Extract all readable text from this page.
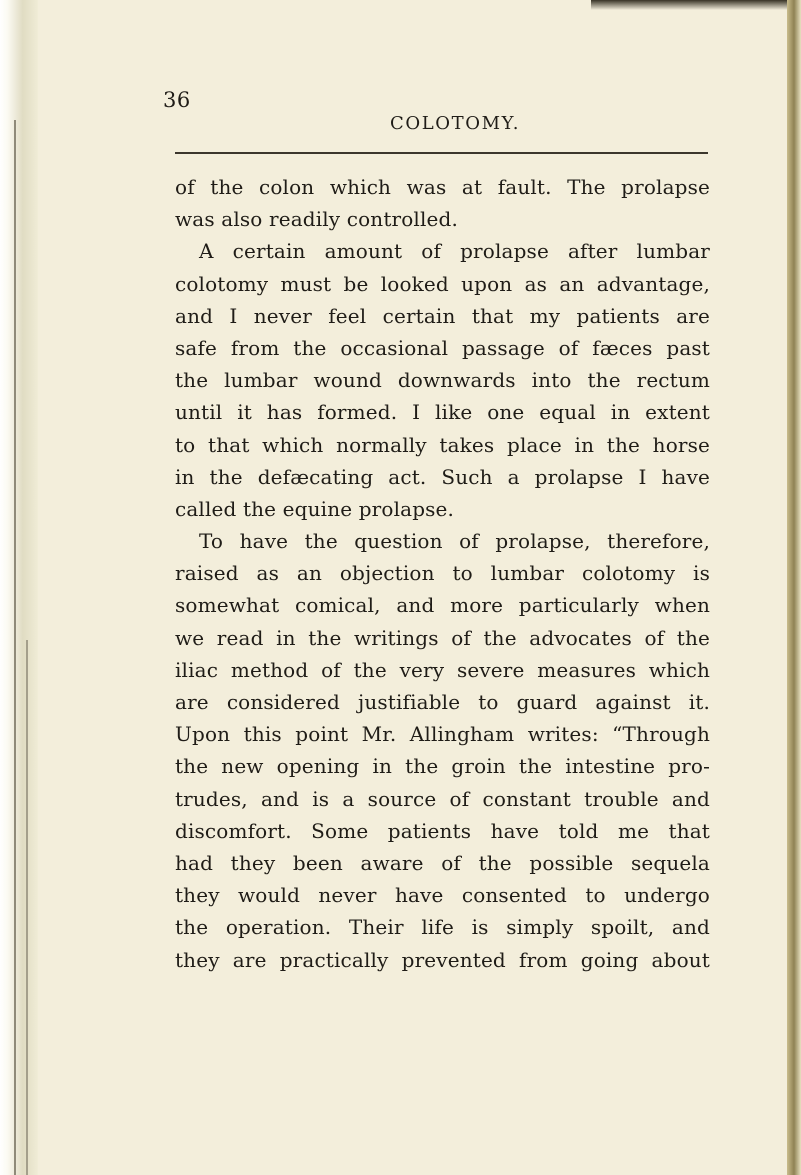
36
COLOTOMY.
of the colon which was at fault. The prolapse
was also readily controlled.
A certain amount of prolapse after lumbar
colotomy must be looked upon as an advantage,
and I never feel certain that my patients are
safe from the occasional passage of fæces past
the lumbar wound downwards into the rectum
until it has formed. I like one equal in extent
to that which normally takes place in the horse
in the defæcating act. Such a prolapse I have
called the equine prolapse.
To have the question of prolapse, therefore,
raised as an objection to lumbar colotomy is
somewhat comical, and more particularly when
we read in the writings of the advocates of the
iliac method of the very severe measures which
are considered justifiable to guard against it.
Upon this point Mr. Allingham writes: “Through
the new opening in the groin the intestine pro-
trudes, and is a source of constant trouble and
discomfort. Some patients have told me that
had they been aware of the possible sequela
they would never have consented to undergo
the operation. Their life is simply spoilt, and
they are practically prevented from going about
